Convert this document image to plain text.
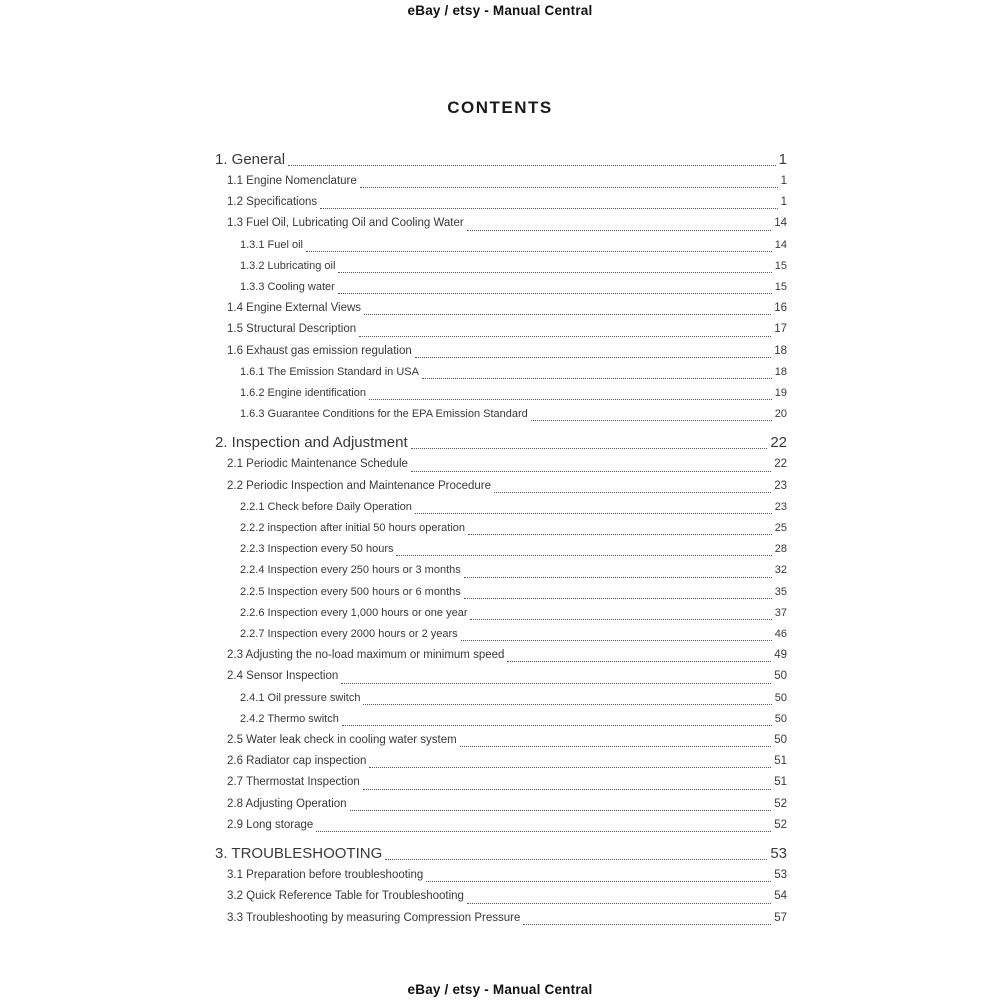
eBay / etsy - Manual Central
CONTENTS
1. General	1
1.1 Engine Nomenclature	1
1.2 Specifications	1
1.3 Fuel Oil, Lubricating Oil and Cooling Water	14
1.3.1 Fuel oil	14
1.3.2 Lubricating oil	15
1.3.3 Cooling water	15
1.4 Engine External Views	16
1.5 Structural Description	17
1.6 Exhaust gas emission regulation	18
1.6.1 The Emission Standard in USA	18
1.6.2 Engine identification	19
1.6.3 Guarantee Conditions for the EPA Emission Standard	20
2. Inspection and Adjustment	22
2.1 Periodic Maintenance Schedule	22
2.2 Periodic Inspection and Maintenance Procedure	23
2.2.1 Check before Daily Operation	23
2.2.2 inspection after initial 50 hours operation	25
2.2.3 Inspection every 50 hours	28
2.2.4 Inspection every 250 hours or 3 months	32
2.2.5 Inspection every 500 hours or 6 months	35
2.2.6 Inspection every 1,000 hours or one year	37
2.2.7 Inspection every 2000 hours or 2 years	46
2.3 Adjusting the no-load maximum or minimum speed	49
2.4 Sensor Inspection	50
2.4.1 Oil pressure switch	50
2.4.2 Thermo switch	50
2.5 Water leak check in cooling water system	50
2.6 Radiator cap inspection	51
2.7 Thermostat Inspection	51
2.8 Adjusting Operation	52
2.9 Long storage	52
3. TROUBLESHOOTING	53
3.1 Preparation before troubleshooting	53
3.2 Quick Reference Table for Troubleshooting	54
3.3 Troubleshooting by measuring Compression Pressure	57
eBay / etsy - Manual Central
